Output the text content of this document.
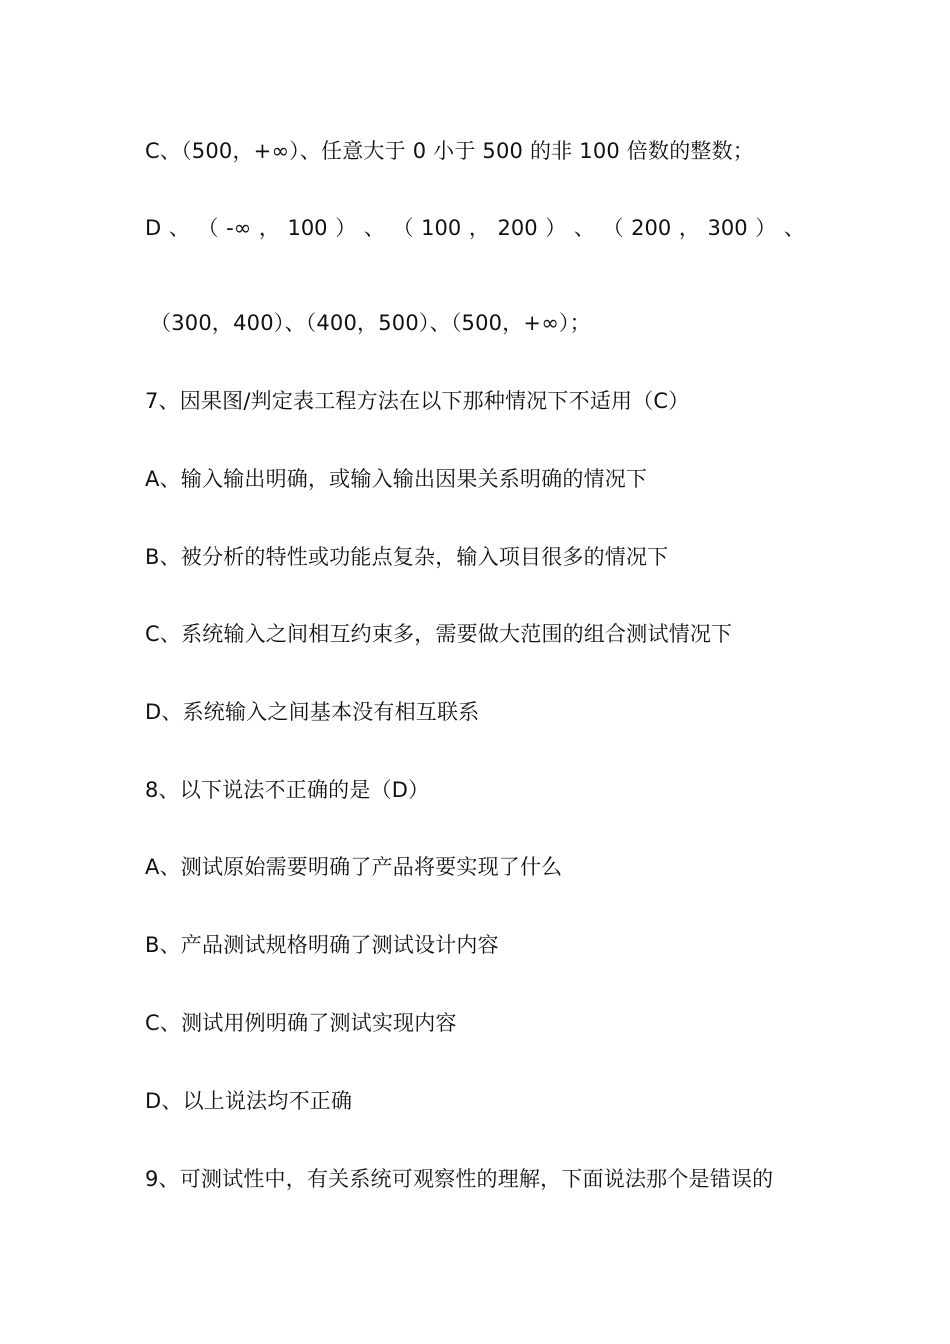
C、（500，+∞）、任意大于 0 小于 500 的非 100 倍数的整数；
D 、 （ -∞ ， 100 ） 、 （ 100 ， 200 ） 、 （ 200 ， 300 ） 、
（300，400）、（400，500）、（500，+∞）；
7、因果图/判定表工程方法在以下那种情况下不适用（C）
A、输入输出明确，或输入输出因果关系明确的情况下
B、被分析的特性或功能点复杂，输入项目很多的情况下
C、系统输入之间相互约束多，需要做大范围的组合测试情况下
D、系统输入之间基本没有相互联系
8、以下说法不正确的是（D）
A、测试原始需要明确了产品将要实现了什么
B、产品测试规格明确了测试设计内容
C、测试用例明确了测试实现内容
D、以上说法均不正确
9、可测试性中，有关系统可观察性的理解，下面说法那个是错误的
